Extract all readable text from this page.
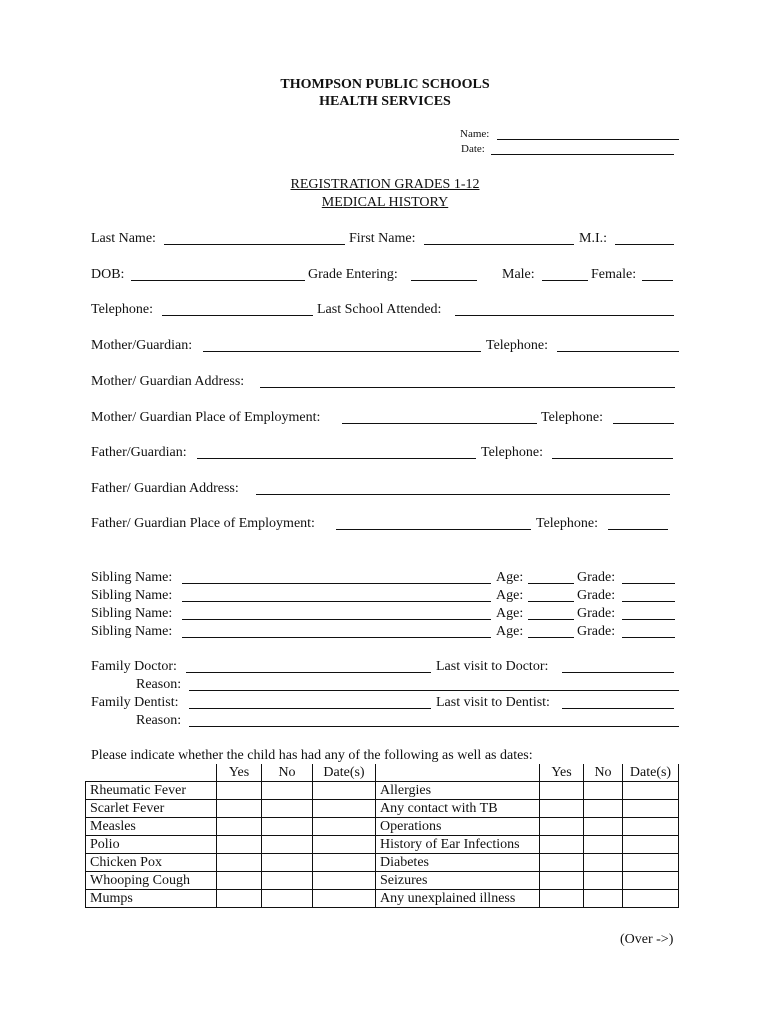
THOMPSON PUBLIC SCHOOLS
HEALTH SERVICES
Name:
Date:
REGISTRATION GRADES 1-12
MEDICAL HISTORY
Last Name:	First Name:	M.I.:
DOB:	Grade Entering:	Male:	Female:
Telephone:	Last School Attended:
Mother/Guardian:	Telephone:
Mother/ Guardian Address:
Mother/ Guardian Place of Employment:	Telephone:
Father/Guardian:	Telephone:
Father/ Guardian Address:
Father/ Guardian Place of Employment:	Telephone:
Sibling Name:	Age:	Grade:
Sibling Name:	Age:	Grade:
Sibling Name:	Age:	Grade:
Sibling Name:	Age:	Grade:
Family Doctor:	Last visit to Doctor:
Reason:
Family Dentist:	Last visit to Dentist:
Reason:
Please indicate whether the child has had any of the following as well as dates:
	Yes	No	Date(s)		Yes	No	Date(s)
Rheumatic Fever				Allergies			
Scarlet Fever				Any contact with TB			
Measles				Operations			
Polio				History of Ear Infections			
Chicken Pox				Diabetes			
Whooping Cough				Seizures			
Mumps				Any unexplained illness			
(Over ->)
